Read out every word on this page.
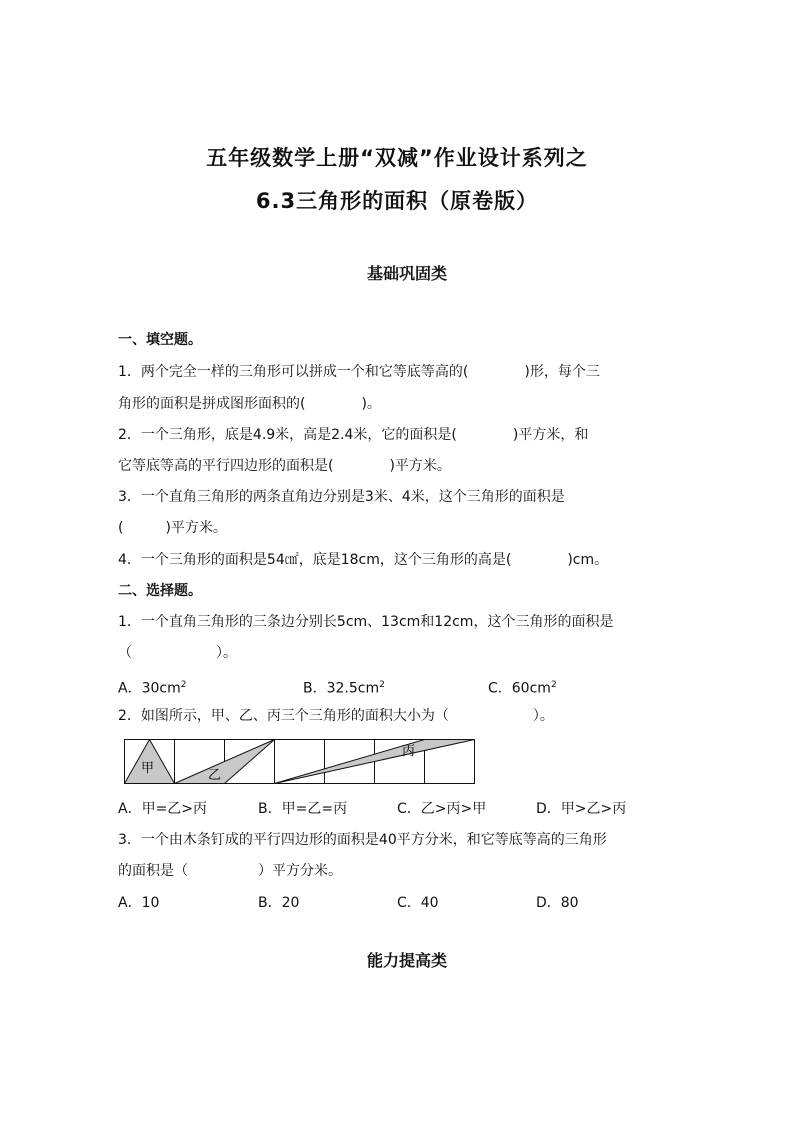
五年级数学上册“双减”作业设计系列之
6.3三角形的面积（原卷版）
基础巩固类
一、填空题。
1．两个完全一样的三角形可以拼成一个和它等底等高的(　　　　)形，每个三
角形的面积是拼成图形面积的(　　　　)。
2．一个三角形，底是4.9米，高是2.4米，它的面积是(　　　　)平方米，和
它等底等高的平行四边形的面积是(　　　　)平方米。
3．一个直角三角形的两条直角边分别是3米、4米，这个三角形的面积是
(　　　)平方米。
4．一个三角形的面积是54㎠，底是18cm，这个三角形的高是(　　　　)cm。
二、选择题。
1．一个直角三角形的三条边分别长5cm、13cm和12cm，这个三角形的面积是
（　　　　　　）。
A．$30cm^2$	B．$32.5cm^2$	C．$60cm^2$
2．如图所示，甲、乙、丙三个三角形的面积大小为（　　　　　　）。
甲	乙
丙
A．甲=乙>丙	B．甲=乙=丙	C．乙>丙>甲	D．甲>乙>丙
3．一个由木条钉成的平行四边形的面积是40平方分米，和它等底等高的三角形
的面积是（　　　　　）平方分米。
A．10	B．20	C．40	D．80
能力提高类
